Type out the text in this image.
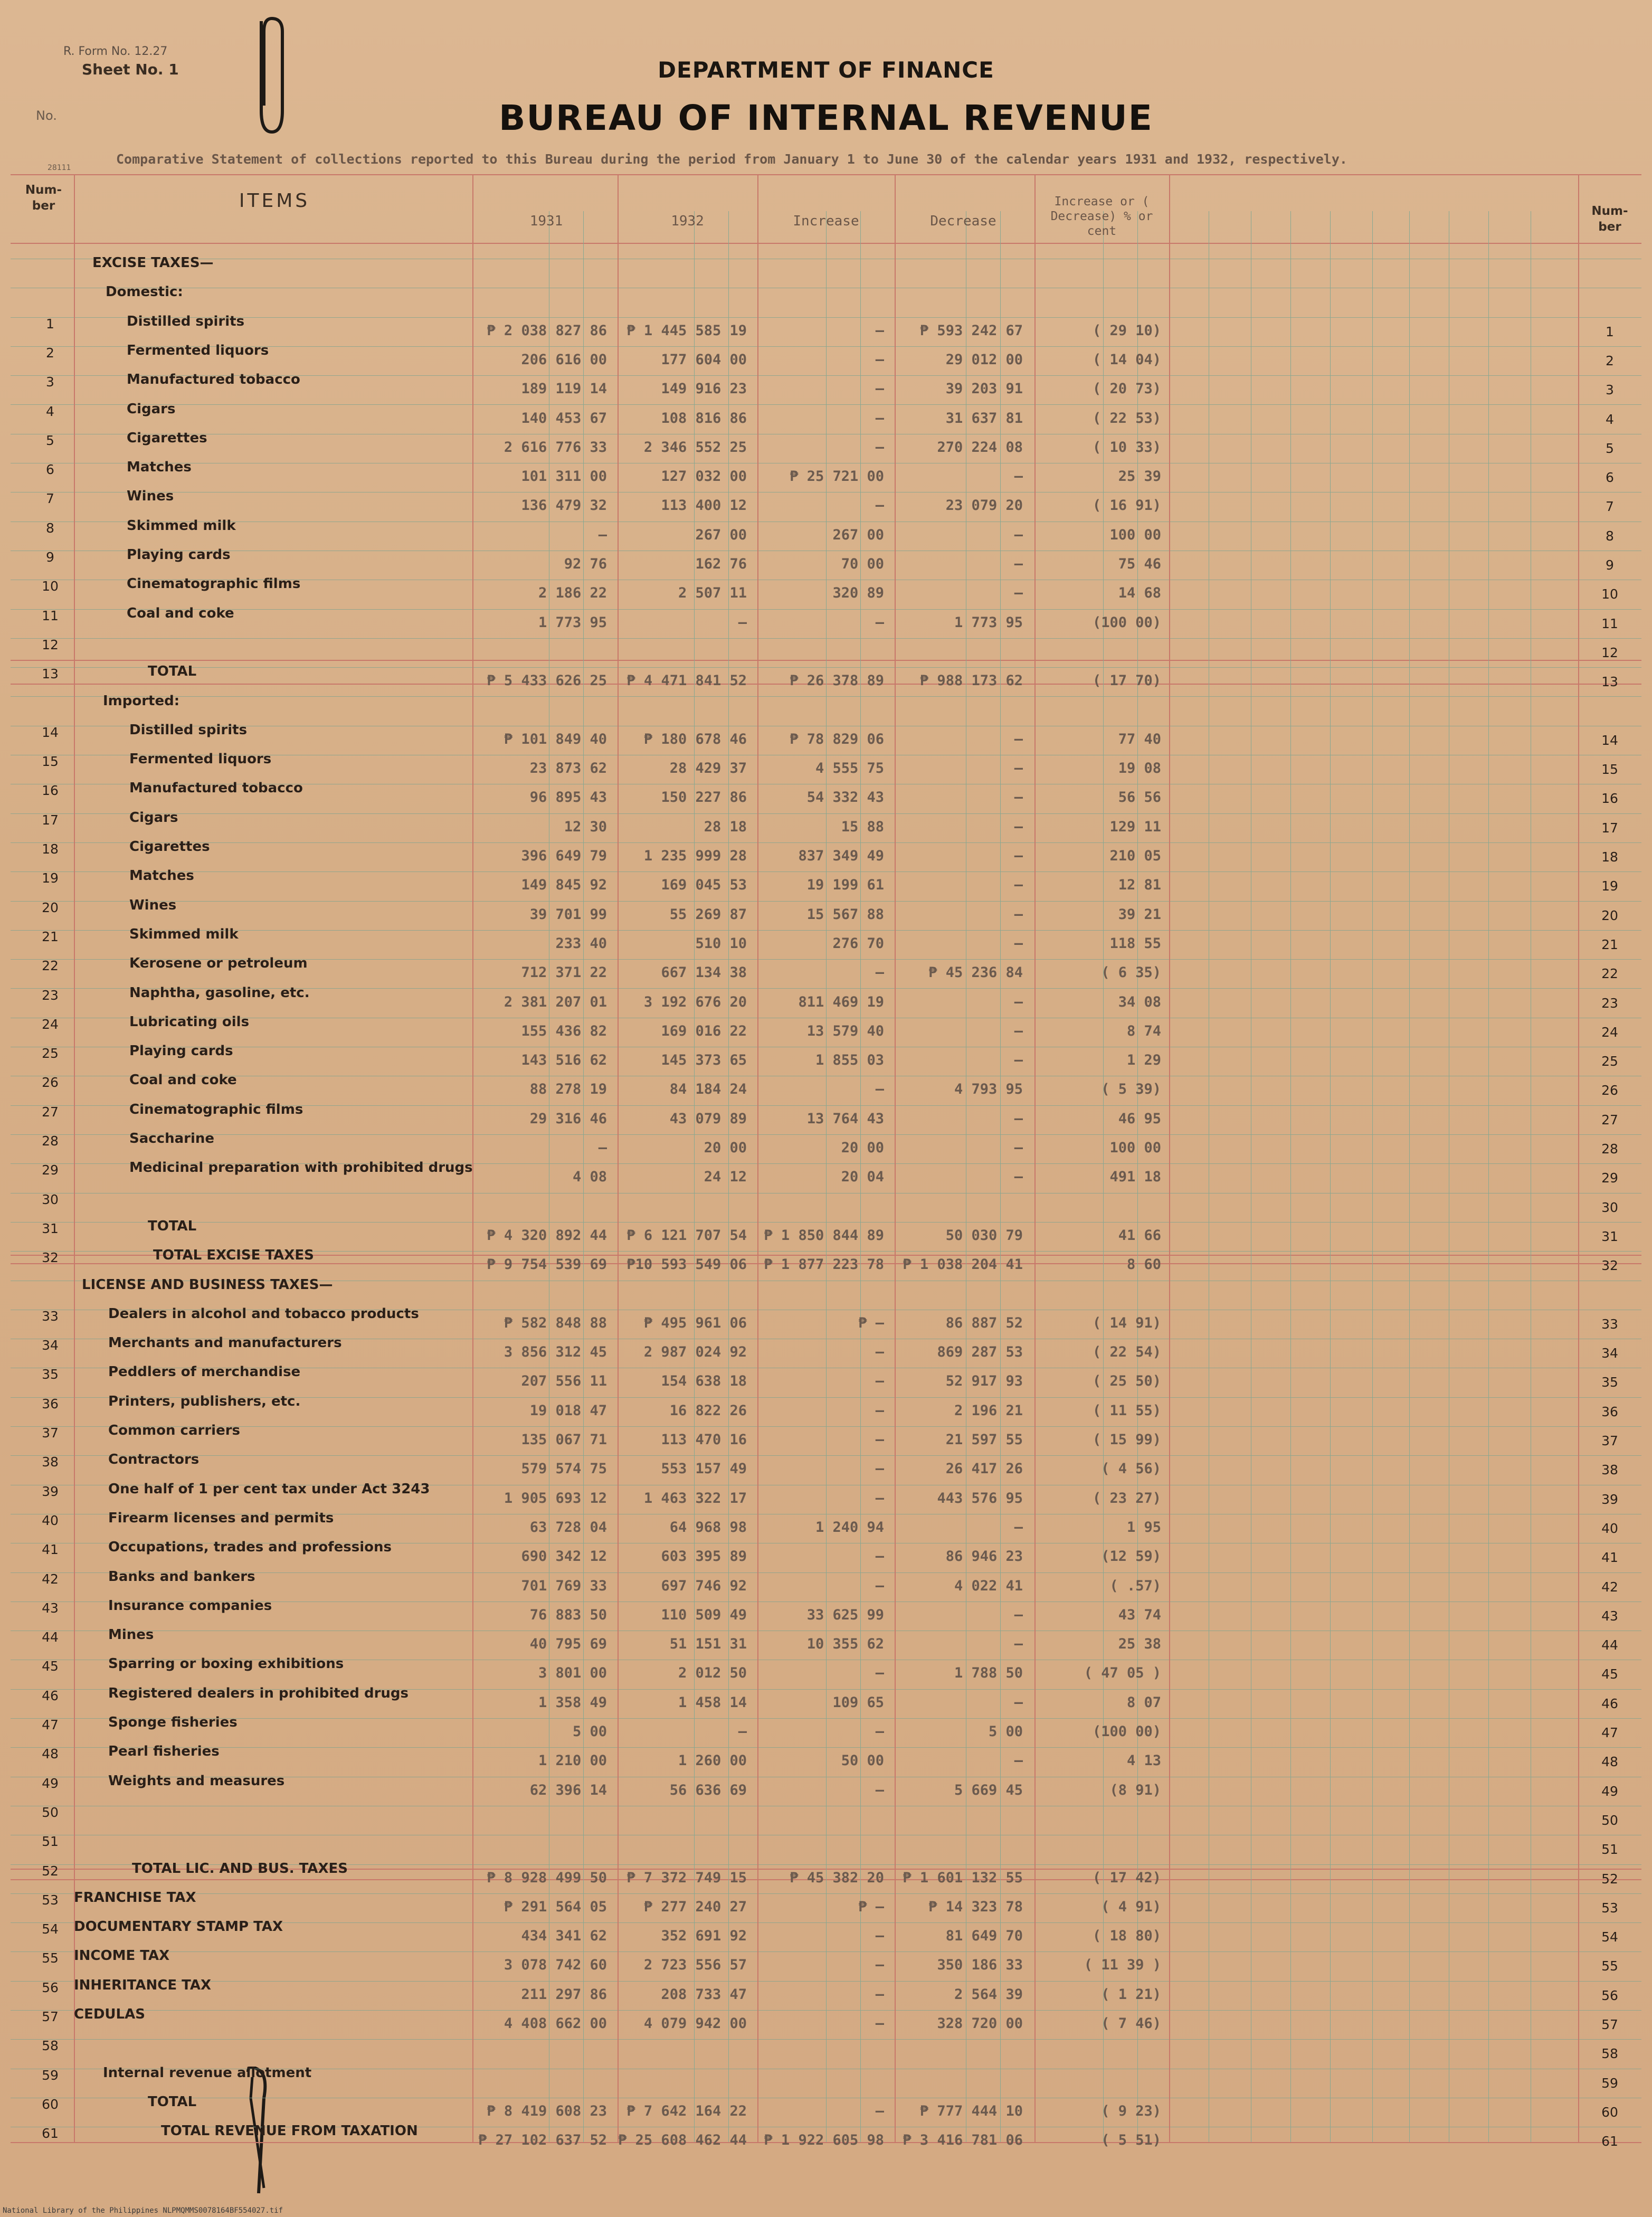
R. Form No. 12.27
Sheet No. 1
No.
DEPARTMENT OF FINANCE
BUREAU OF INTERNAL REVENUE
Comparative Statement of collections reported to this Bureau during the period from January 1 to June 30 of the calendar years 1931 and 1932, respectively.
28111
Num- ber	ITEMS
1931	1932	Increase	Decrease
Increase or ( Decrease) % or cent
Num- ber
EXCISE TAXES—
Domestic:
1
1
Distilled spirits
₱ 2 038 827 86 ₱ 1 445 585 19	—	₱ 593 242 67	( 29 10)
2
2
Fermented liquors
206 616 00	177 604 00	—	29 012 00	( 14 04)
3
3
Manufactured tobacco
189 119 14	149 916 23	—	39 203 91	( 20 73)
4
4
Cigars
140 453 67	108 816 86	—	31 637 81	( 22 53)
5
5
Cigarettes
2 616 776 33	2 346 552 25	—	270 224 08	( 10 33)
6
6
Matches
101 311 00	127 032 00	₱ 25 721 00	—	25 39
7
7
Wines
136 479 32	113 400 12	—	23 079 20	( 16 91)
8
8
Skimmed milk
—	267 00	267 00	—	100 00
9
9
Playing cards
92 76	162 76	70 00	—	75 46
10
10
Cinematographic films
2 186 22	2 507 11	320 89	—	14 68
11
11
Coal and coke
1 773 95	—	—	1 773 95	(100 00)
12
12
13
13
TOTAL
₱ 5 433 626 25 ₱ 4 471 841 52	₱ 26 378 89	₱ 988 173 62	( 17 70)
Imported:
14
14
Distilled spirits
₱ 101 849 40	₱ 180 678 46	₱ 78 829 06	—	77 40
15
15
Fermented liquors
23 873 62	28 429 37	4 555 75	—	19 08
16
16
Manufactured tobacco
96 895 43	150 227 86	54 332 43	—	56 56
17
17
Cigars
12 30	28 18	15 88	—	129 11
18
18
Cigarettes
396 649 79	1 235 999 28	837 349 49	—	210 05
19
19
Matches
149 845 92	169 045 53	19 199 61	—	12 81
20
20
Wines
39 701 99	55 269 87	15 567 88	—	39 21
21
21
Skimmed milk
233 40	510 10	276 70	—	118 55
22
22
Kerosene or petroleum
712 371 22	667 134 38	—	₱ 45 236 84	( 6 35)
23
23
Naphtha, gasoline, etc.
2 381 207 01	3 192 676 20	811 469 19	—	34 08
24
24
Lubricating oils
155 436 82	169 016 22	13 579 40	—	8 74
25
25
Playing cards
143 516 62	145 373 65	1 855 03	—	1 29
26
26
Coal and coke
88 278 19	84 184 24	—	4 793 95	( 5 39)
27
27
Cinematographic films
29 316 46	43 079 89	13 764 43	—	46 95
28
28
Saccharine
—	20 00	20 00	—	100 00
29
29
Medicinal preparation with prohibited drugs
4 08	24 12	20 04	—	491 18
30
30
31
31
TOTAL
₱ 4 320 892 44 ₱ 6 121 707 54 ₱ 1 850 844 89	50 030 79	41 66
32
32
TOTAL EXCISE TAXES
₱ 9 754 539 69 ₱10 593 549 06 ₱ 1 877 223 78 ₱ 1 038 204 41	8 60
LICENSE AND BUSINESS TAXES—
33
33
Dealers in alcohol and tobacco products
₱ 582 848 88	₱ 495 961 06	₱ —	86 887 52	( 14 91)
34
34
Merchants and manufacturers
3 856 312 45	2 987 024 92	—	869 287 53	( 22 54)
35
35
Peddlers of merchandise
207 556 11	154 638 18	—	52 917 93	( 25 50)
36
36
Printers, publishers, etc.
19 018 47	16 822 26	—	2 196 21	( 11 55)
37
37
Common carriers
135 067 71	113 470 16	—	21 597 55	( 15 99)
38
38
Contractors
579 574 75	553 157 49	—	26 417 26	( 4 56)
39
39
One half of 1 per cent tax under Act 3243
1 905 693 12	1 463 322 17	—	443 576 95	( 23 27)
40
40
Firearm licenses and permits
63 728 04	64 968 98	1 240 94	—	1 95
41
41
Occupations, trades and professions
690 342 12	603 395 89	—	86 946 23	(12 59)
42
42
Banks and bankers
701 769 33	697 746 92	—	4 022 41	( .57)
43
43
Insurance companies
76 883 50	110 509 49	33 625 99	—	43 74
44
44
Mines
40 795 69	51 151 31	10 355 62	—	25 38
45
45
Sparring or boxing exhibitions
3 801 00	2 012 50	—	1 788 50	( 47 05 )
46
46
Registered dealers in prohibited drugs
1 358 49	1 458 14	109 65	—	8 07
47
47
Sponge fisheries
5 00	—	—	5 00	(100 00)
48
48
Pearl fisheries
1 210 00	1 260 00	50 00	—	4 13
49
49
Weights and measures
62 396 14	56 636 69	—	5 669 45	(8 91)
50
50
51
51
52
52
TOTAL LIC. AND BUS. TAXES
₱ 8 928 499 50 ₱ 7 372 749 15	₱ 45 382 20 ₱ 1 601 132 55	( 17 42)
53
53
FRANCHISE TAX
₱ 291 564 05	₱ 277 240 27	₱ —	₱ 14 323 78	( 4 91)
54
54
DOCUMENTARY STAMP TAX
434 341 62	352 691 92	—	81 649 70	( 18 80)
55
55
INCOME TAX
3 078 742 60	2 723 556 57	—	350 186 33	( 11 39 )
56
56
INHERITANCE TAX
211 297 86	208 733 47	—	2 564 39	( 1 21)
57
57
CEDULAS
4 408 662 00	4 079 942 00	—	328 720 00	( 7 46)
58
58
59
59
Internal revenue allotment
60
60
TOTAL
₱ 8 419 608 23 ₱ 7 642 164 22	—	₱ 777 444 10	( 9 23)
61
61
TOTAL REVENUE FROM TAXATION
₱ 27 102 637 52 ₱ 25 608 462 44 ₱ 1 922 605 98 ₱ 3 416 781 06	( 5 51)
National Library of the Philippines NLPMQMMS0078164BF554027.tif
